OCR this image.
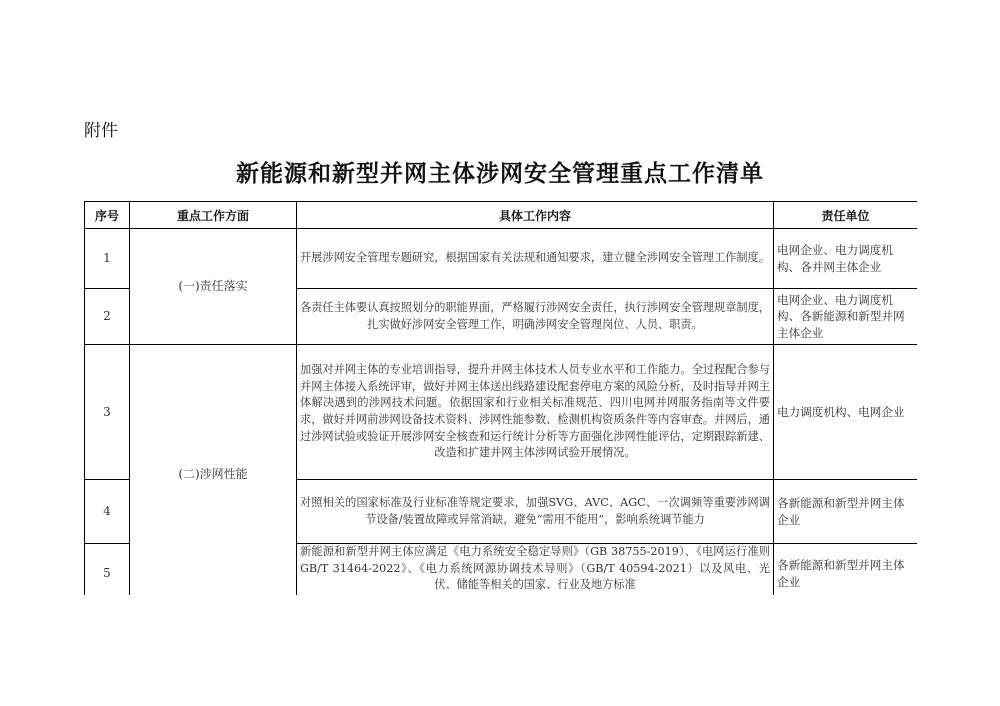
附件
新能源和新型并网主体涉网安全管理重点工作清单
序号	重点工作方面	具体工作内容	责任单位
1	(一)责任落实	开展涉网安全管理专题研究，根据国家有关法规和通知要求，建立健全涉网安全管理工作制度。	电网企业、电力调度机构、各并网主体企业
2		各责任主体要认真按照划分的职能界面，严格履行涉网安全责任，执行涉网安全管理规章制度，扎实做好涉网安全管理工作，明确涉网安全管理岗位、人员、职责。	电网企业、电力调度机构、各新能源和新型并网主体企业
3	(二)涉网性能	加强对并网主体的专业培训指导，提升并网主体技术人员专业水平和工作能力。全过程配合参与并网主体接入系统评审，做好并网主体送出线路建设配套停电方案的风险分析，及时指导并网主体解决遇到的涉网技术问题。依据国家和行业相关标准规范、四川电网并网服务指南等文件要求，做好并网前涉网设备技术资料、涉网性能参数、检测机构资质条件等内容审查。并网后，通过涉网试验或验证开展涉网安全核查和运行统计分析等方面强化涉网性能评估，定期跟踪新建、改造和扩建并网主体涉网试验开展情况。	电力调度机构、电网企业
4		对照相关的国家标准及行业标准等规定要求，加强SVG、AVC、AGC、一次调频等重要涉网调节设备/装置故障或异常消缺，避免“需用不能用”，影响系统调节能力	各新能源和新型并网主体企业
5		新能源和新型并网主体应满足《电力系统安全稳定导则》（GB 38755-2019）、《电网运行准则GB/T 31464-2022》、《电力系统网源协调技术导则》（GB/T 40594-2021）以及风电、光伏、储能等相关的国家、行业及地方标准	各新能源和新型并网主体企业
